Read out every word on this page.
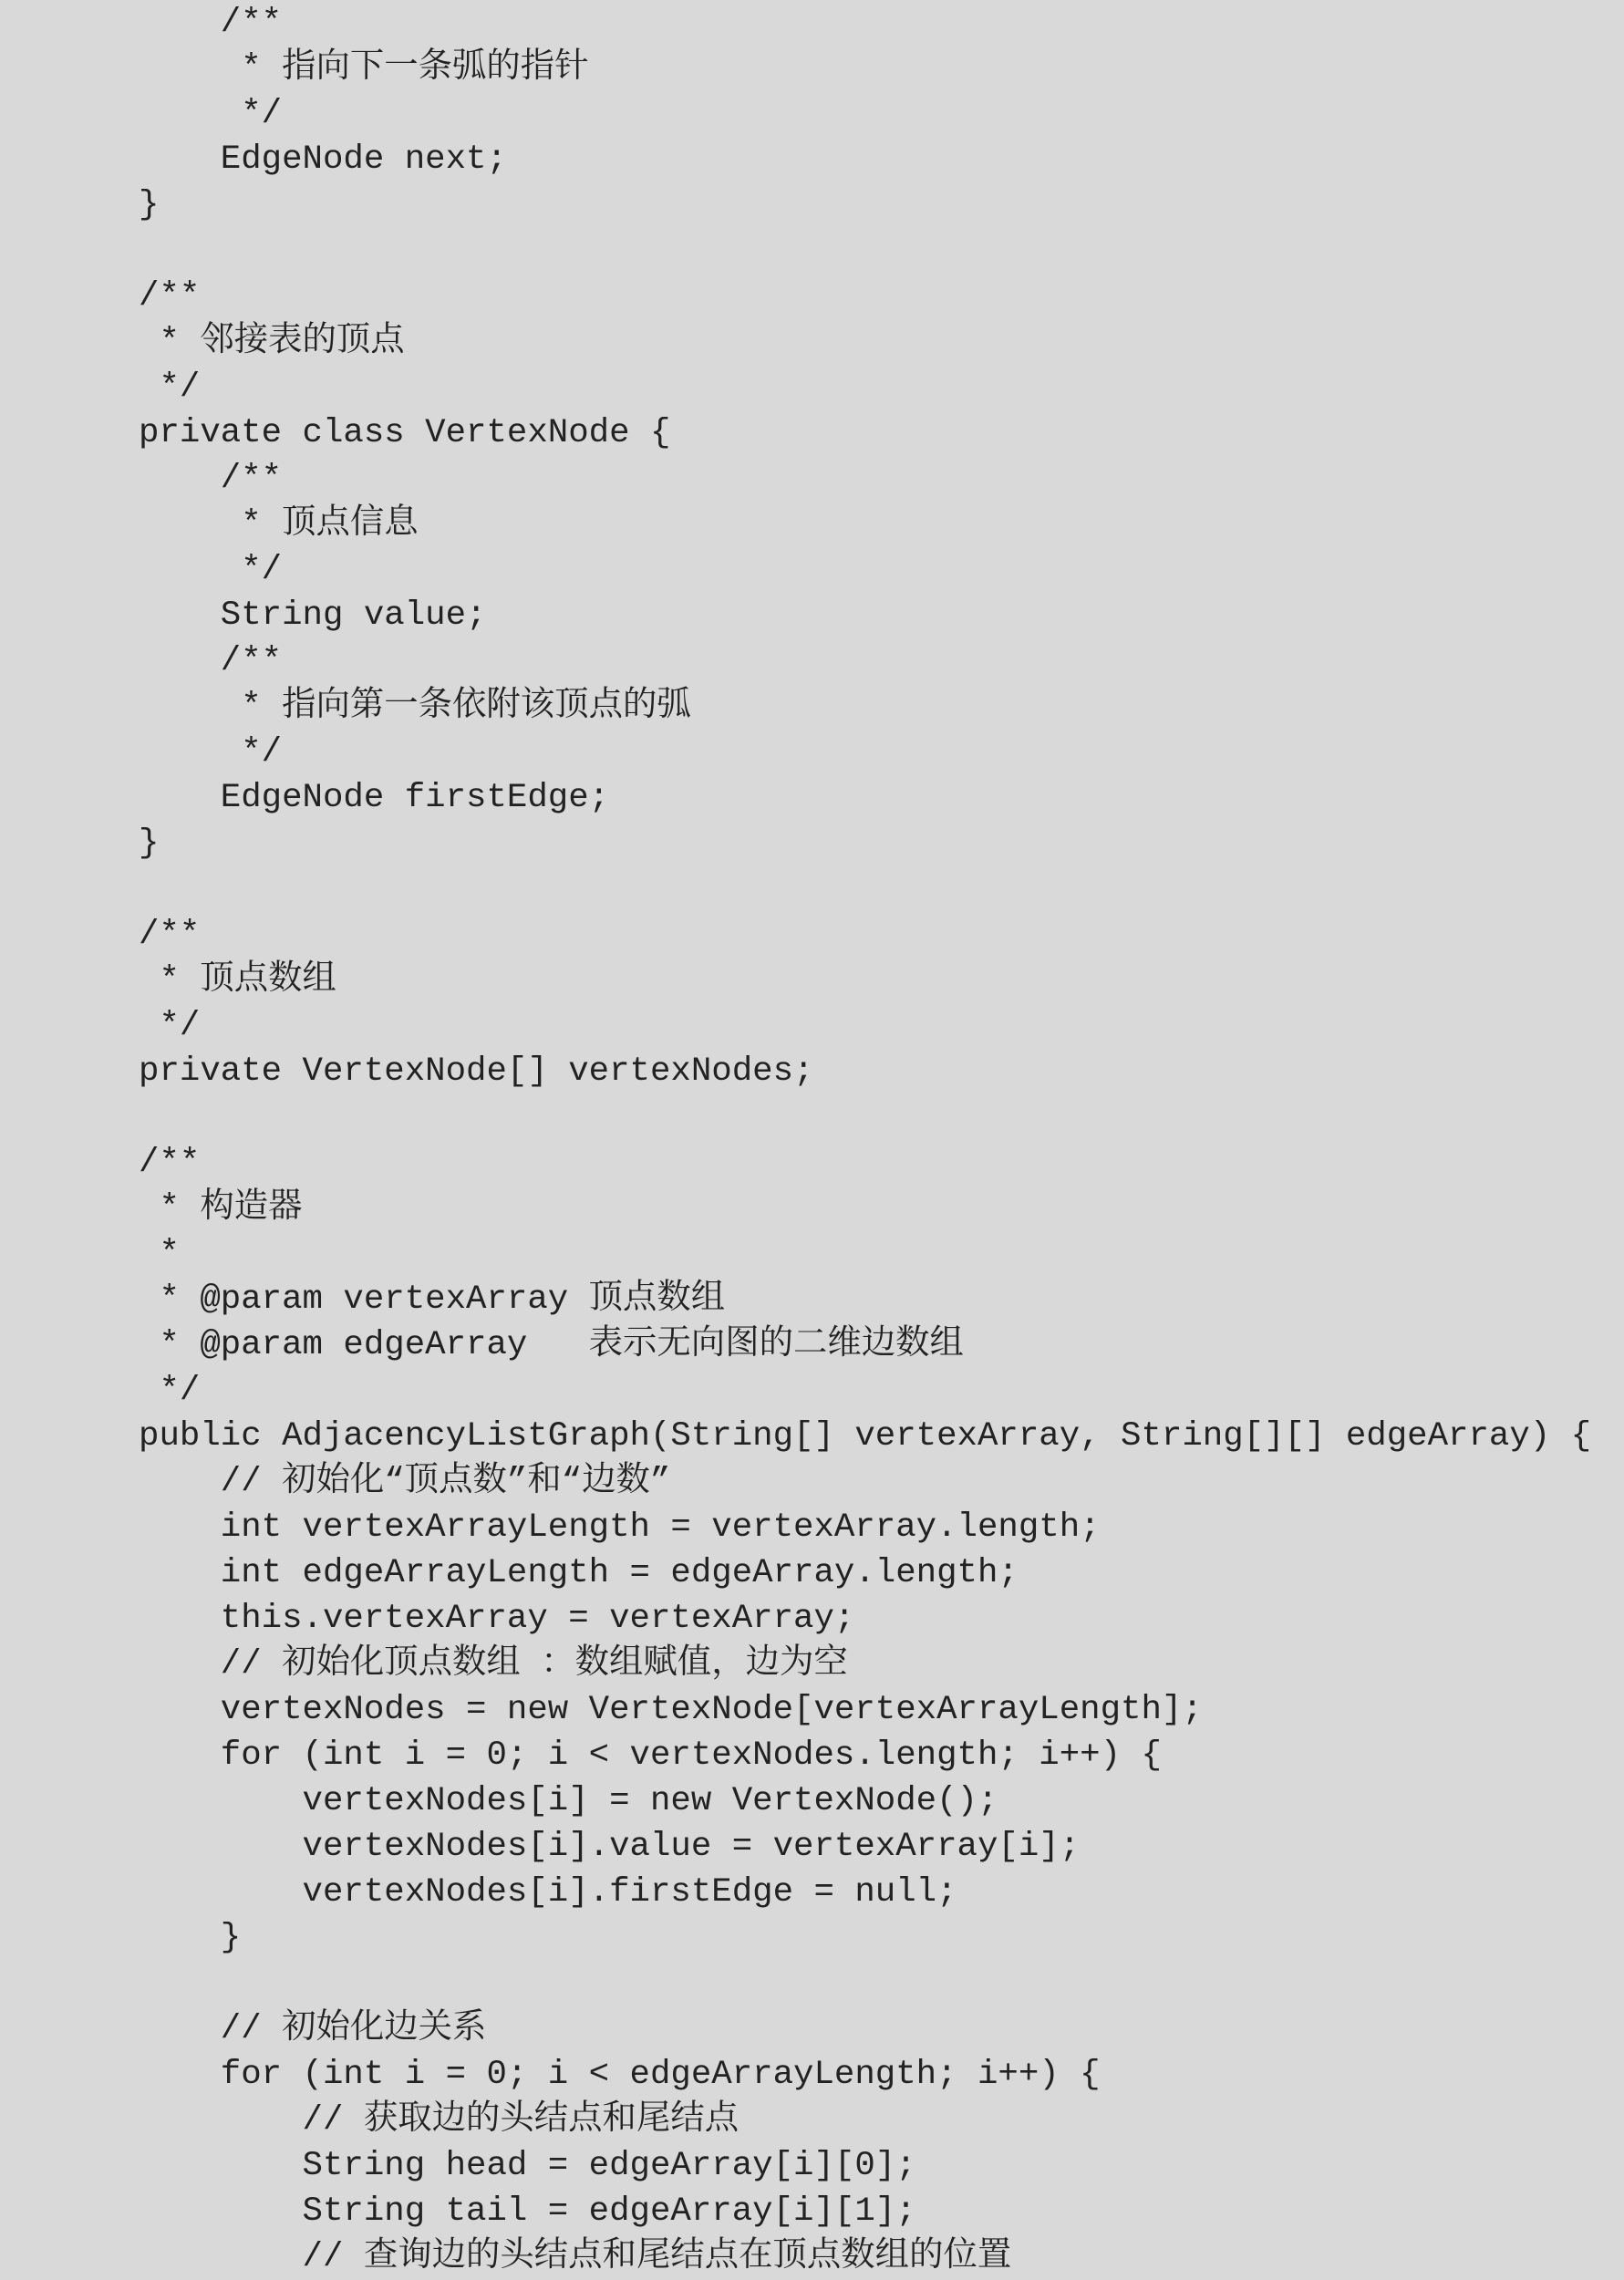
/**
* 指向下一条弧的指针
*/
EdgeNode next;
}
/**
* 邻接表的顶点
*/
private class VertexNode {
/**
* 顶点信息
*/
String value;
/**
* 指向第一条依附该顶点的弧
*/
EdgeNode firstEdge;
}
/**
* 顶点数组
*/
private VertexNode[] vertexNodes;
/**
* 构造器
*
* @param vertexArray 顶点数组
* @param edgeArray   表示无向图的二维边数组
*/
public AdjacencyListGraph(String[] vertexArray, String[][] edgeArray) {
// 初始化“顶点数”和“边数”
int vertexArrayLength = vertexArray.length;
int edgeArrayLength = edgeArray.length;
this.vertexArray = vertexArray;
// 初始化顶点数组 ：数组赋值，边为空
vertexNodes = new VertexNode[vertexArrayLength];
for (int i = 0; i < vertexNodes.length; i++) {
vertexNodes[i] = new VertexNode();
vertexNodes[i].value = vertexArray[i];
vertexNodes[i].firstEdge = null;
}
// 初始化边关系
for (int i = 0; i < edgeArrayLength; i++) {
// 获取边的头结点和尾结点
String head = edgeArray[i][0];
String tail = edgeArray[i][1];
// 查询边的头结点和尾结点在顶点数组的位置
